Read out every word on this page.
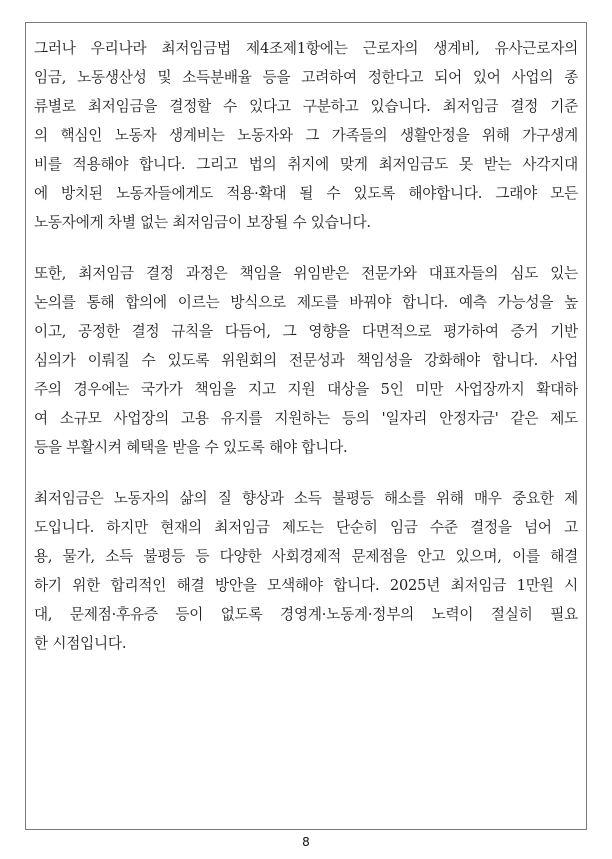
그러나 우리나라 최저임금법 제4조제1항에는 근로자의 생계비, 유사근로자의
임금, 노동생산성 및 소득분배율 등을 고려하여 정한다고 되어 있어 사업의 종
류별로 최저임금을 결정할 수 있다고 구분하고 있습니다. 최저임금 결정 기준
의 핵심인 노동자 생계비는 노동자와 그 가족들의 생활안정을 위해 가구생계
비를 적용해야 합니다. 그리고 법의 취지에 맞게 최저임금도 못 받는 사각지대
에 방치된 노동자들에게도 적용·확대 될 수 있도록 해야합니다. 그래야 모든
노동자에게 차별 없는 최저임금이 보장될 수 있습니다.
또한, 최저임금 결정 과정은 책임을 위임받은 전문가와 대표자들의 심도 있는
논의를 통해 합의에 이르는 방식으로 제도를 바꿔야 합니다. 예측 가능성을 높
이고, 공정한 결정 규칙을 다듬어, 그 영향을 다면적으로 평가하여 증거 기반
심의가 이뤄질 수 있도록 위원회의 전문성과 책임성을 강화해야 합니다. 사업
주의 경우에는 국가가 책임을 지고 지원 대상을 5인 미만 사업장까지 확대하
여 소규모 사업장의 고용 유지를 지원하는 등의 '일자리 안정자금' 같은 제도
등을 부활시켜 혜택을 받을 수 있도록 해야 합니다.
최저임금은 노동자의 삶의 질 향상과 소득 불평등 해소를 위해 매우 중요한 제
도입니다. 하지만 현재의 최저임금 제도는 단순히 임금 수준 결정을 넘어 고
용, 물가, 소득 불평등 등 다양한 사회경제적 문제점을 안고 있으며, 이를 해결
하기 위한 합리적인 해결 방안을 모색해야 합니다. 2025년 최저임금 1만원 시
대, 문제점·후유증 등이 없도록 경영계·노동계·정부의 노력이 절실히 필요
한 시점입니다.
8
